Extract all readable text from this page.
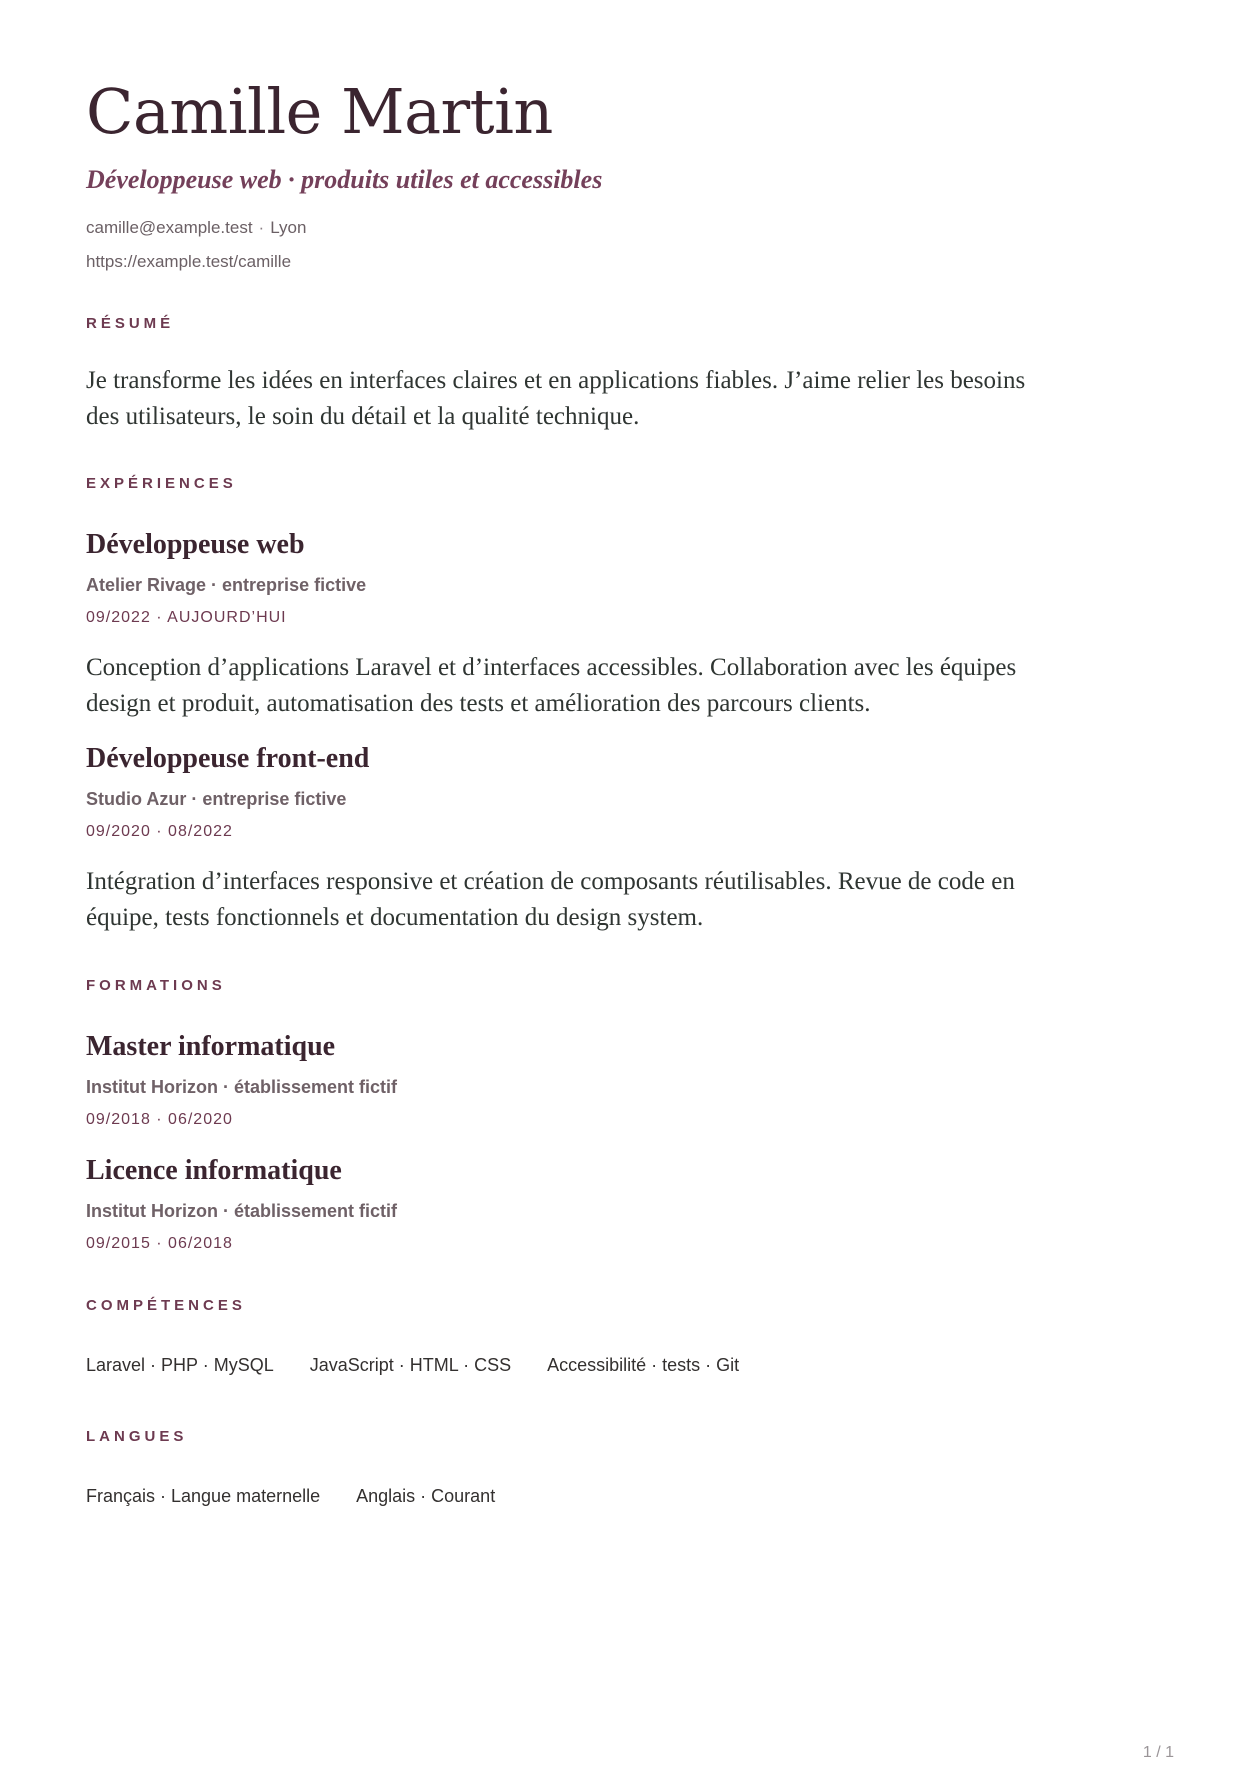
Camille Martin

Développeuse web · produits utiles et accessibles

camille@example.test · Lyon

https://example.test/camille

RÉSUMÉ

Je transforme les idées en interfaces claires et en applications fiables. J’aime relier les besoins

des utilisateurs, le soin du détail et la qualité technique.

EXPÉRIENCES
Développeuse web

Atelier Rivage · entreprise fictive

09/2022 · AUJOURD’HUI

Conception d’applications Laravel et d’interfaces accessibles. Collaboration avec les équipes

design et produit, automatisation des tests et amélioration des parcours clients.

Développeuse front-end

Studio Azur · entreprise fictive

09/2020 · 08/2022

Intégration d’interfaces responsive et création de composants réutilisables. Revue de code en

équipe, tests fonctionnels et documentation du design system.

FORMATIONS
Master informatique

Institut Horizon · établissement fictif

09/2018 · 06/2020

Licence informatique

Institut Horizon · établissement fictif

09/2015 · 06/2018

COMPÉTENCES
Laravel · PHP · MySQL JavaScript · HTML · CSS Accessibilité · tests · Git
LANGUES
Français · Langue maternelle Anglais · Courant
1 / 1
